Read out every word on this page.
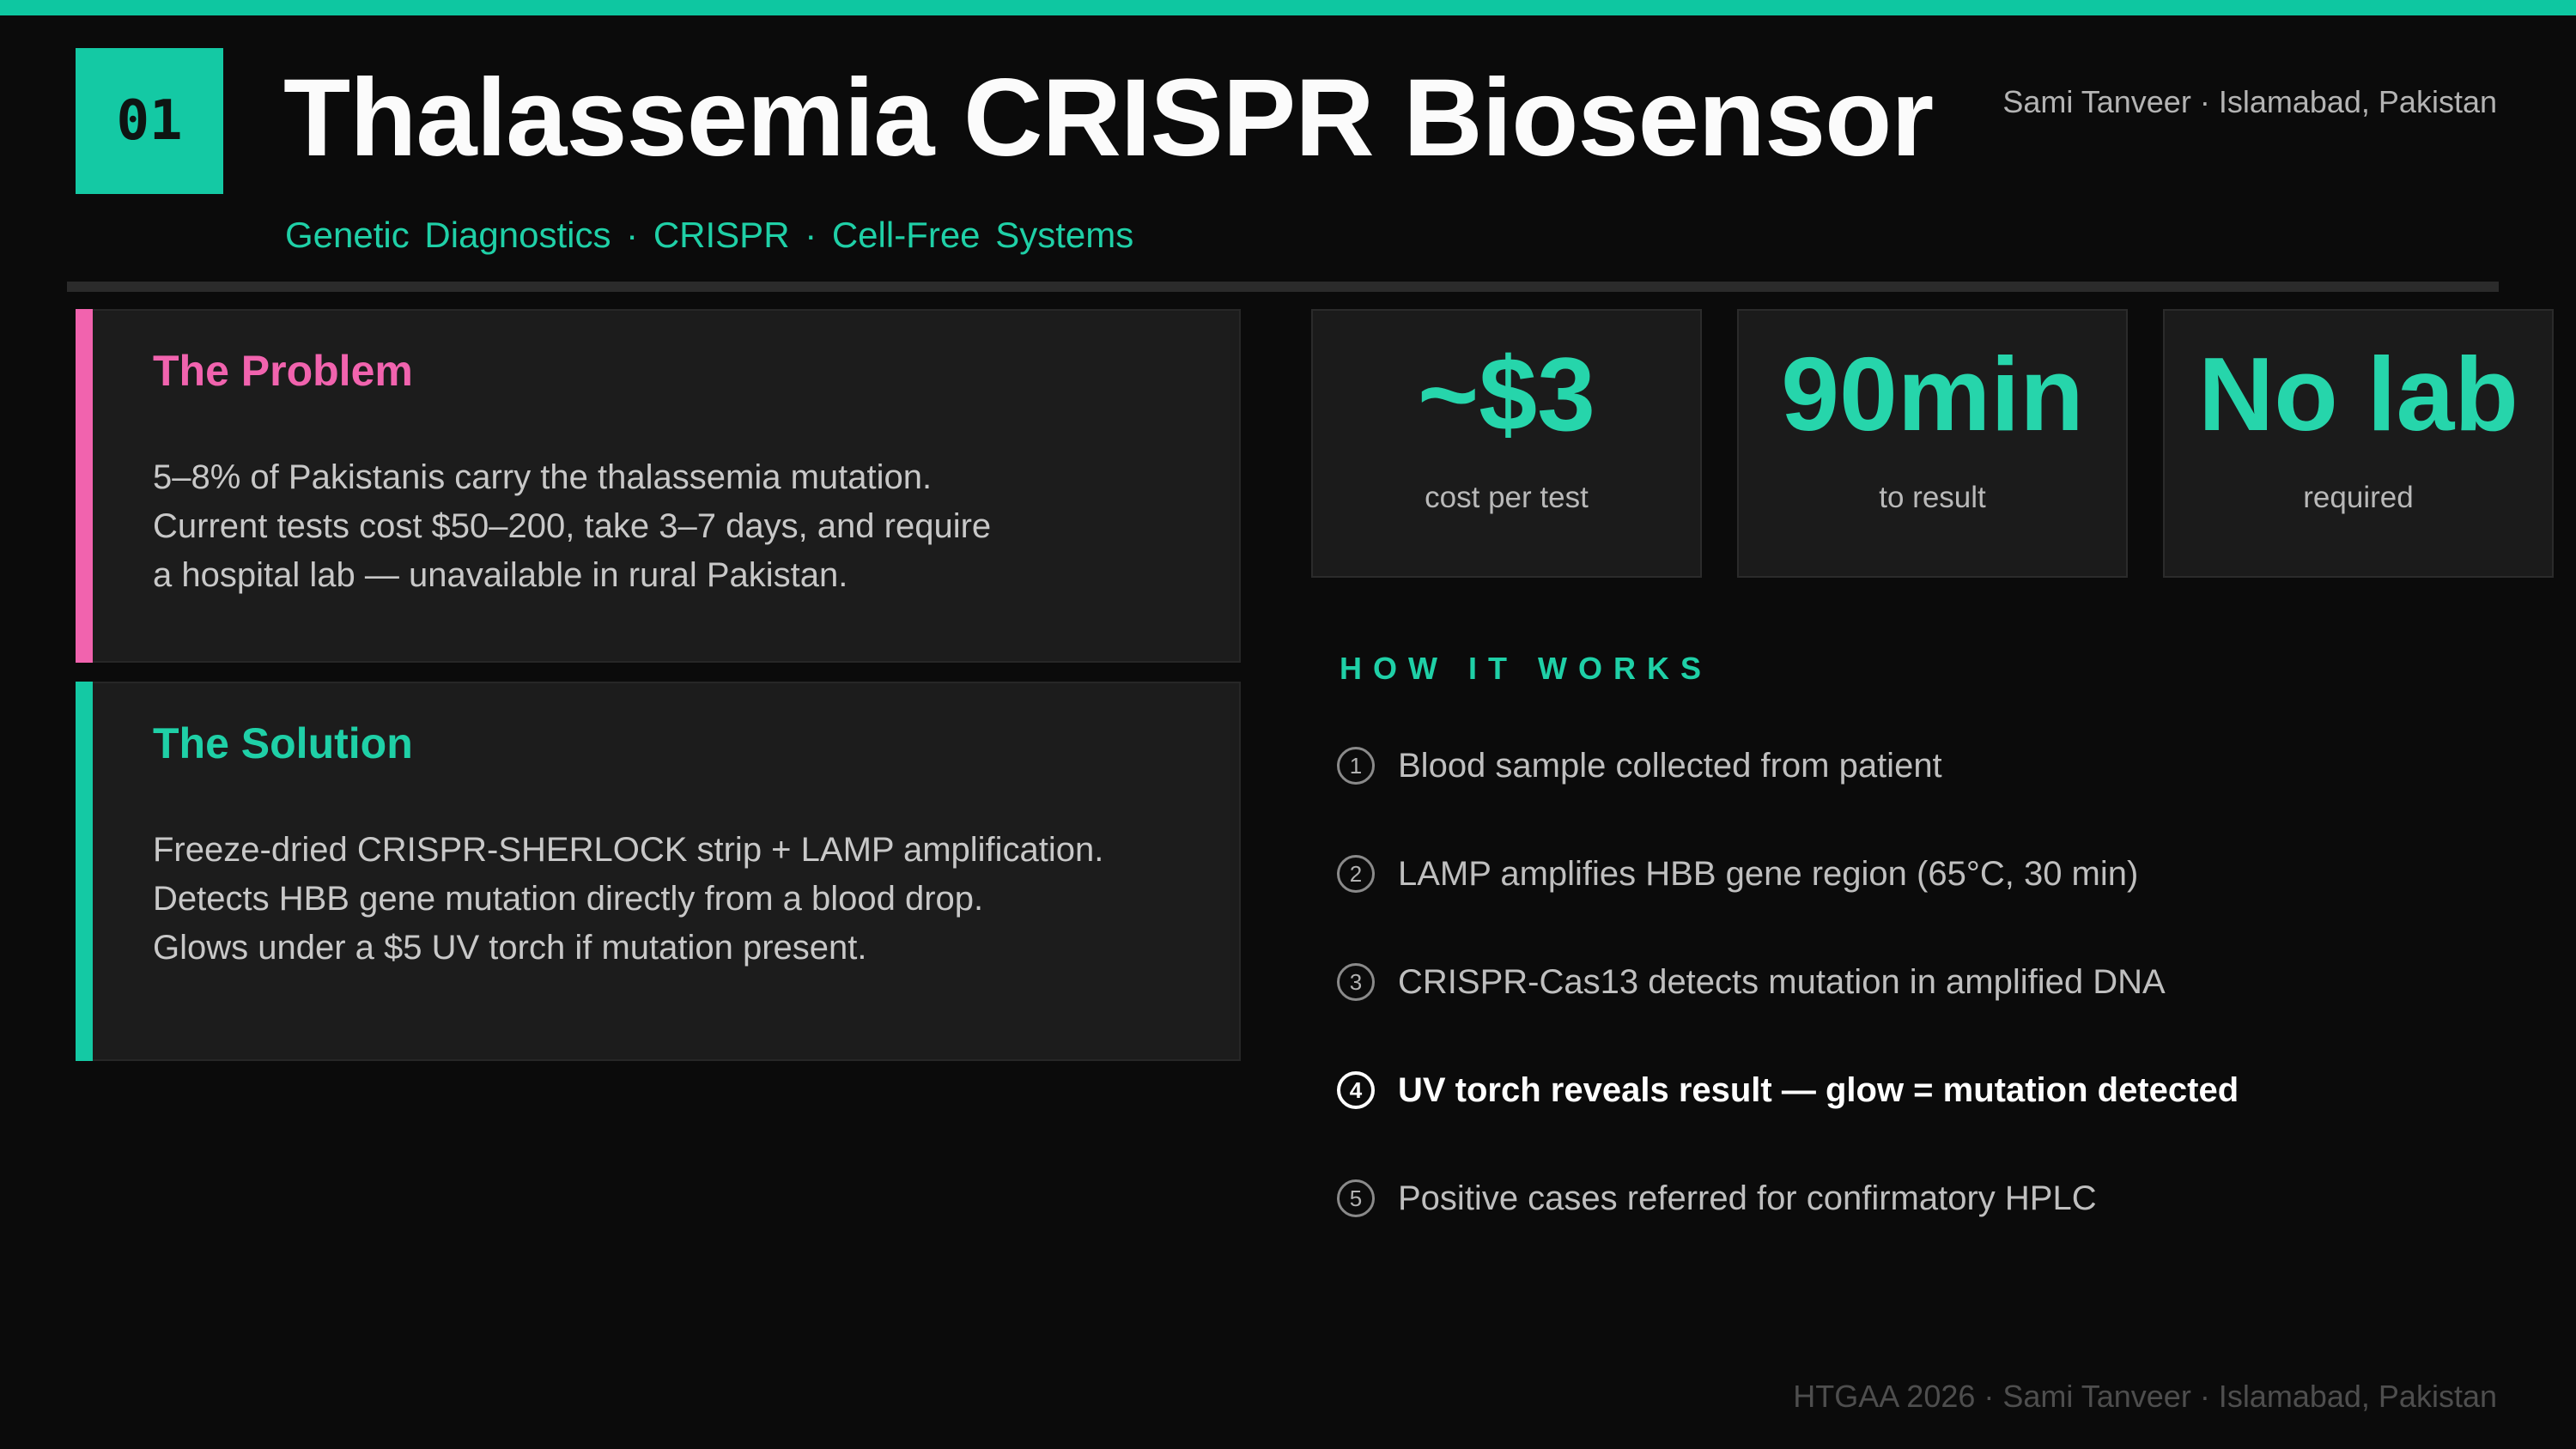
01 Thalassemia CRISPR Biosensor Sami Tanveer · Islamabad, Pakistan
Genetic Diagnostics · CRISPR · Cell-Free Systems
The Problem
5–8% of Pakistanis carry the thalassemia mutation.
Current tests cost $50–200, take 3–7 days, and require
a hospital lab — unavailable in rural Pakistan.
The Solution
Freeze-dried CRISPR-SHERLOCK strip + LAMP amplification.
Detects HBB gene mutation directly from a blood drop.
Glows under a $5 UV torch if mutation present.
~$3
cost per test
90min
to result
No lab
required
HOW IT WORKS
1	Blood sample collected from patient
2	LAMP amplifies HBB gene region (65°C, 30 min)
3	CRISPR-Cas13 detects mutation in amplified DNA
4	UV torch reveals result — glow = mutation detected
5	Positive cases referred for confirmatory HPLC
HTGAA 2026 · Sami Tanveer · Islamabad, Pakistan
